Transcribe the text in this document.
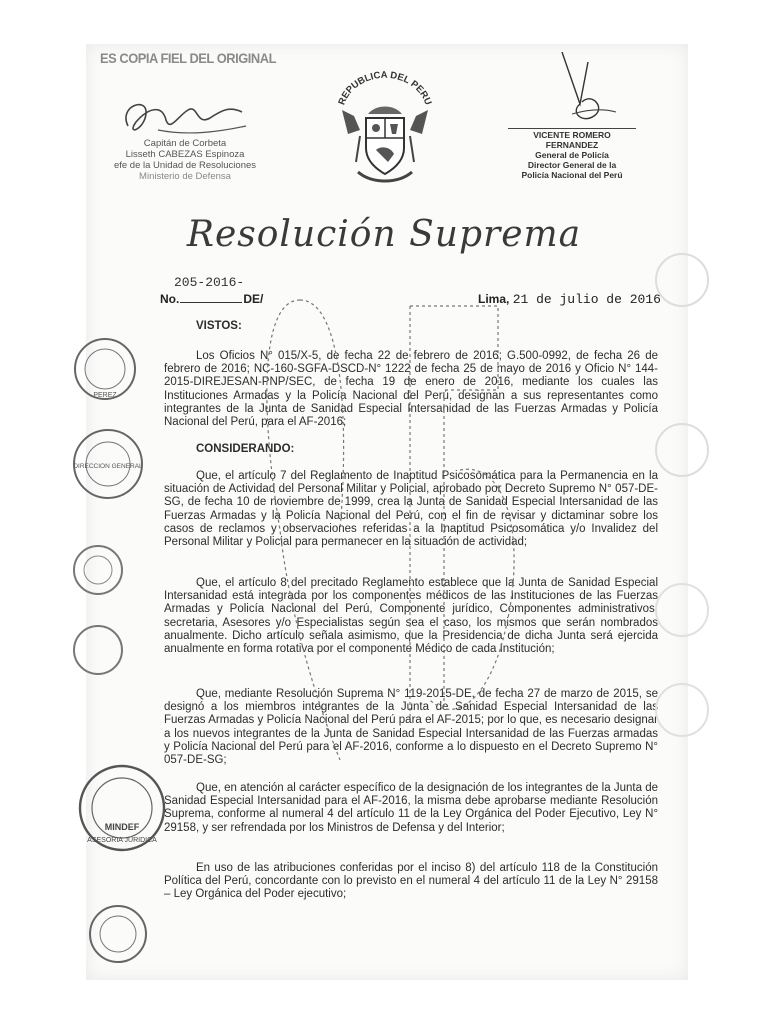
ES COPIA FIEL DEL ORIGINAL
Capitán de Corbeta
Lisseth CABEZAS Espinoza
efe de la Unidad de Resoluciones
Ministerio de Defensa
REPUBLICA DEL PERU
VICENTE ROMERO FERNANDEZ
General de Policía
Director General de la
Policía Nacional del Perú
Resolución Suprema
205-2016-
No.	DE/	Lima, 21 de julio de 2016
VISTOS:
Los Oficios N° 015/X-5, de fecha 22 de febrero de 2016; G.500-0992, de fecha 26 de febrero de 2016; NC-160-SGFA-DSCD-N° 1222 de fecha 25 de mayo de 2016 y Oficio N° 144-2015-DIREJESAN-PNP/SEC, de fecha 19 de enero de 2016, mediante los cuales las Instituciones Armadas y la Policía Nacional del Perú, designan a sus representantes como integrantes de la Junta de Sanidad Especial Intersanidad de las Fuerzas Armadas y Policía Nacional del Perú, para el AF-2016;
CONSIDERANDO:
Que, el artículo 7 del Reglamento de Inaptitud Psicosomática para la Permanencia en la situación de Actividad del Personal Militar y Policial, aprobado por Decreto Supremo N° 057-DE-SG, de fecha 10 de noviembre de 1999, crea la Junta de Sanidad Especial Intersanidad de las Fuerzas Armadas y la Policía Nacional del Perú, con el fin de revisar y dictaminar sobre los casos de reclamos y observaciones referidas a la Inaptitud Psicosomática y/o Invalidez del Personal Militar y Policial para permanecer en la situación de actividad;
Que, el artículo 8 del precitado Reglamento establece que la Junta de Sanidad Especial Intersanidad está integrada por los componentes médicos de las Instituciones de las Fuerzas Armadas y Policía Nacional del Perú, Componente jurídico, Componentes administrativos, secretaria, Asesores y/o Especialistas según sea el caso, los mismos que serán nombrados anualmente. Dicho artículo señala asimismo, que la Presidencia de dicha Junta será ejercida anualmente en forma rotativa por el componente Médico de cada Institución;
Que, mediante Resolución Suprema N° 119-2015-DE, de fecha 27 de marzo de 2015, se designó a los miembros integrantes de la Junta de Sanidad Especial Intersanidad de las Fuerzas Armadas y Policía Nacional del Perú para el AF-2015; por lo que, es necesario designar a los nuevos integrantes de la Junta de Sanidad Especial Intersanidad de las Fuerzas armadas y Policía Nacional del Perú para el AF-2016, conforme a lo dispuesto en el Decreto Supremo N° 057-DE-SG;
Que, en atención al carácter específico de la designación de los integrantes de la Junta de Sanidad Especial Intersanidad para el AF-2016, la misma debe aprobarse mediante Resolución Suprema, conforme al numeral 4 del artículo 11 de la Ley Orgánica del Poder Ejecutivo, Ley N° 29158, y ser refrendada por los Ministros de Defensa y del Interior;
En uso de las atribuciones conferidas por el inciso 8) del artículo 118 de la Constitución Política del Perú, concordante con lo previsto en el numeral 4 del artículo 11 de la Ley N° 29158 – Ley Orgánica del Poder ejecutivo;
PEREZ
DIRECCION GENERAL
MINDEF
ASESORIA JURIDICA
